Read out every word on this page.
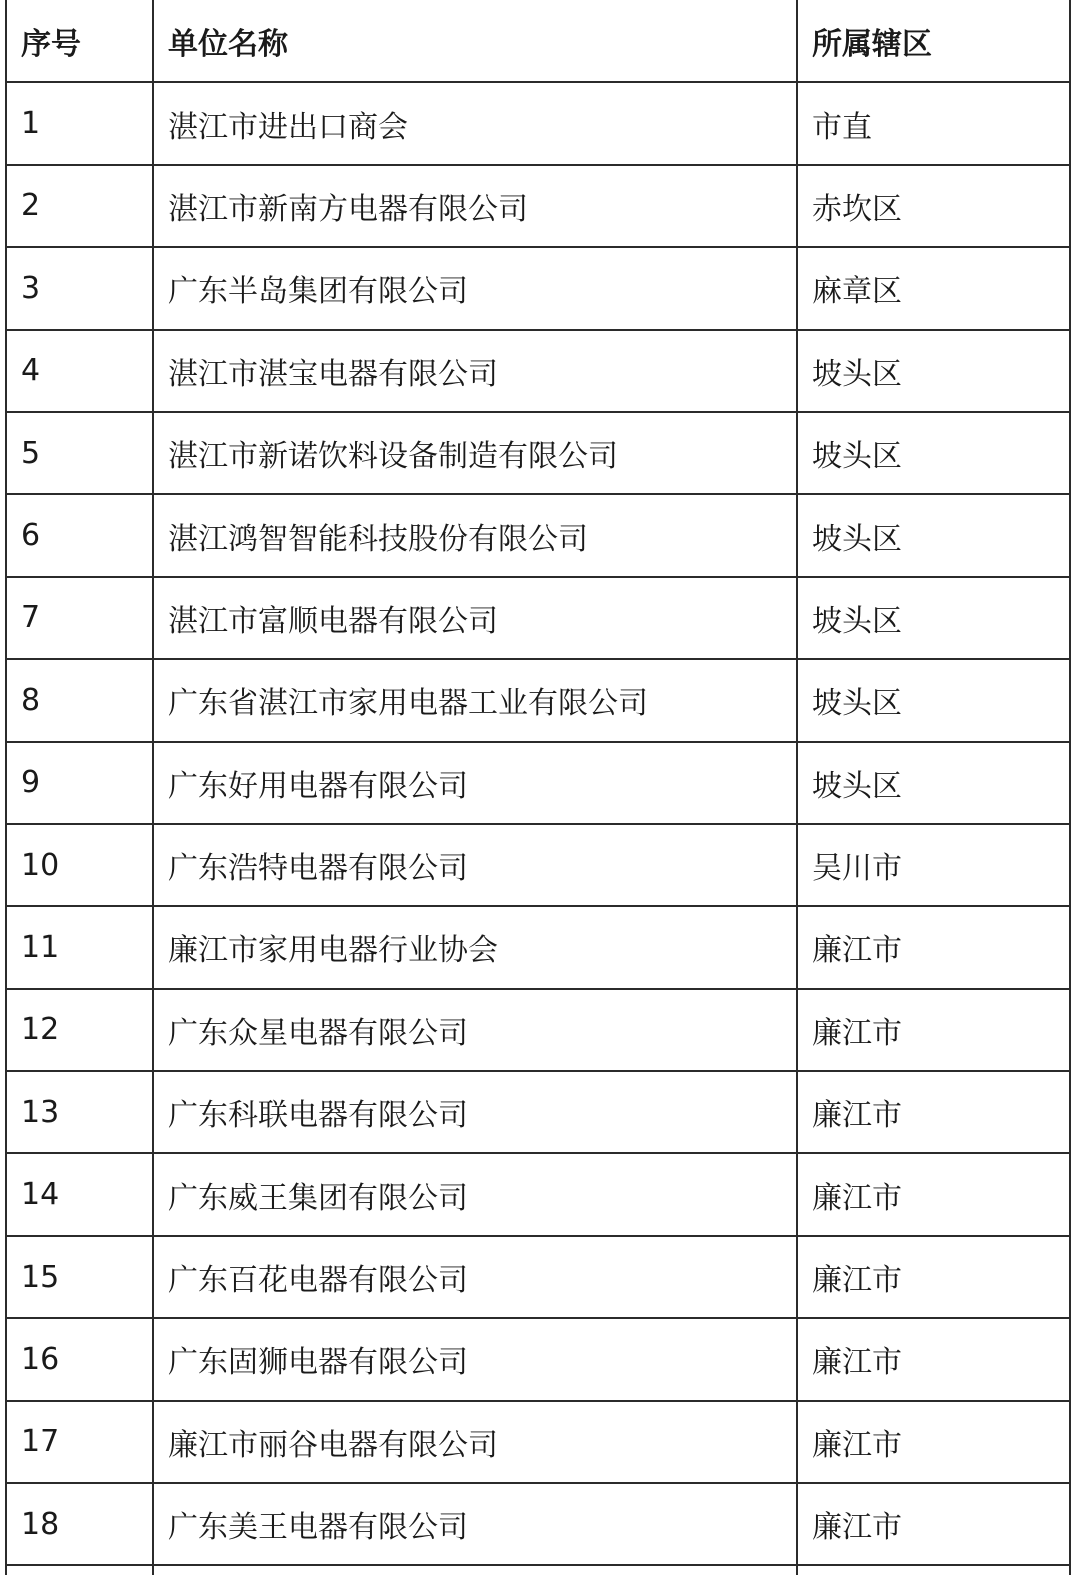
序号	单位名称	所属辖区
1	湛江市进出口商会	市直
2	湛江市新南方电器有限公司	赤坎区
3	广东半岛集团有限公司	麻章区
4	湛江市湛宝电器有限公司	坡头区
5	湛江市新诺饮料设备制造有限公司	坡头区
6	湛江鸿智智能科技股份有限公司	坡头区
7	湛江市富顺电器有限公司	坡头区
8	广东省湛江市家用电器工业有限公司	坡头区
9	广东好用电器有限公司	坡头区
10	广东浩特电器有限公司	吴川市
11	廉江市家用电器行业协会	廉江市
12	广东众星电器有限公司	廉江市
13	广东科联电器有限公司	廉江市
14	广东威王集团有限公司	廉江市
15	广东百花电器有限公司	廉江市
16	广东固狮电器有限公司	廉江市
17	廉江市丽谷电器有限公司	廉江市
18	广东美王电器有限公司	廉江市
